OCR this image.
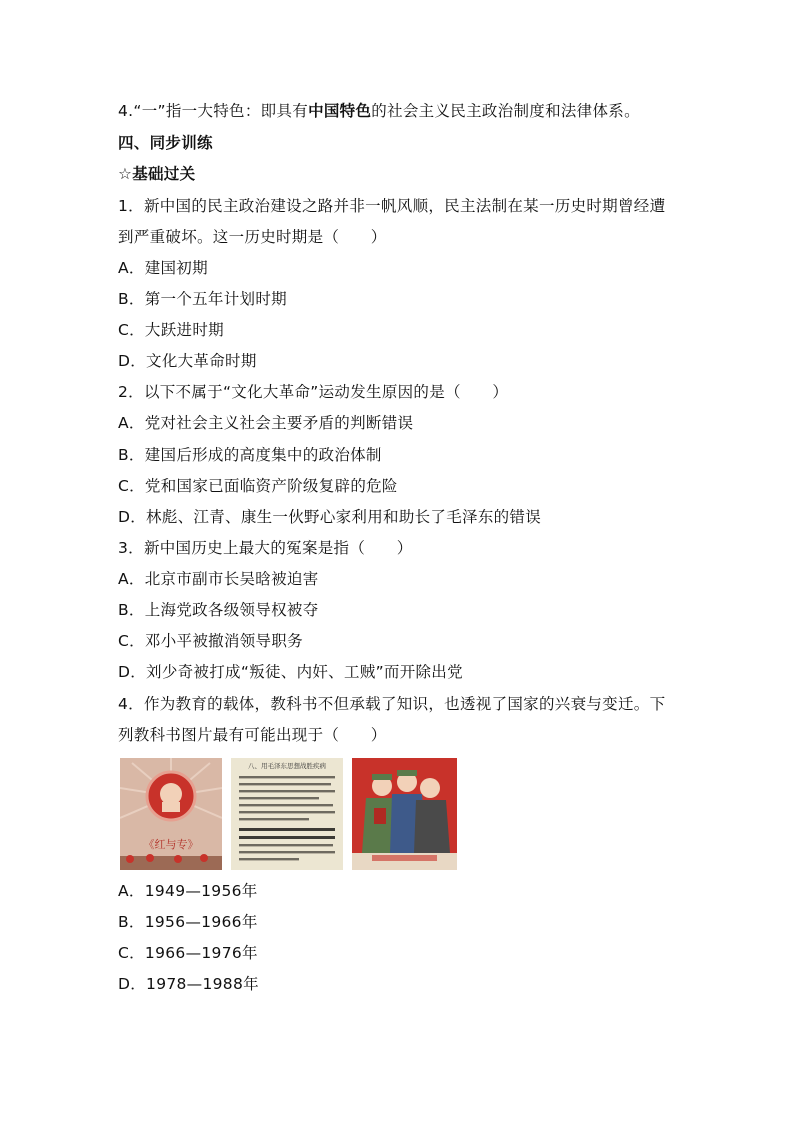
4.“一”指一大特色：即具有中国特色的社会主义民主政治制度和法律体系。
四、同步训练
☆基础过关
1．新中国的民主政治建设之路并非一帆风顺，民主法制在某一历史时期曾经遭
到严重破坏。这一历史时期是（　　）
A．建国初期
B．第一个五年计划时期
C．大跃进时期
D．文化大革命时期
2．以下不属于“文化大革命”运动发生原因的是（　　）
A．党对社会主义社会主要矛盾的判断错误
B．建国后形成的高度集中的政治体制
C．党和国家已面临资产阶级复辟的危险
D．林彪、江青、康生一伙野心家利用和助长了毛泽东的错误
3．新中国历史上最大的冤案是指（　　）
A．北京市副市长吴晗被迫害
B．上海党政各级领导权被夺
C．邓小平被撤消领导职务
D．刘少奇被打成“叛徒、内奸、工贼”而开除出党
4．作为教育的载体，教科书不但承载了知识，也透视了国家的兴衰与变迁。下
列教科书图片最有可能出现于（　　）
《红与专》
八、用毛泽东思想战胜疾病
A．1949—1956年
B．1956—1966年
C．1966—1976年
D．1978—1988年
